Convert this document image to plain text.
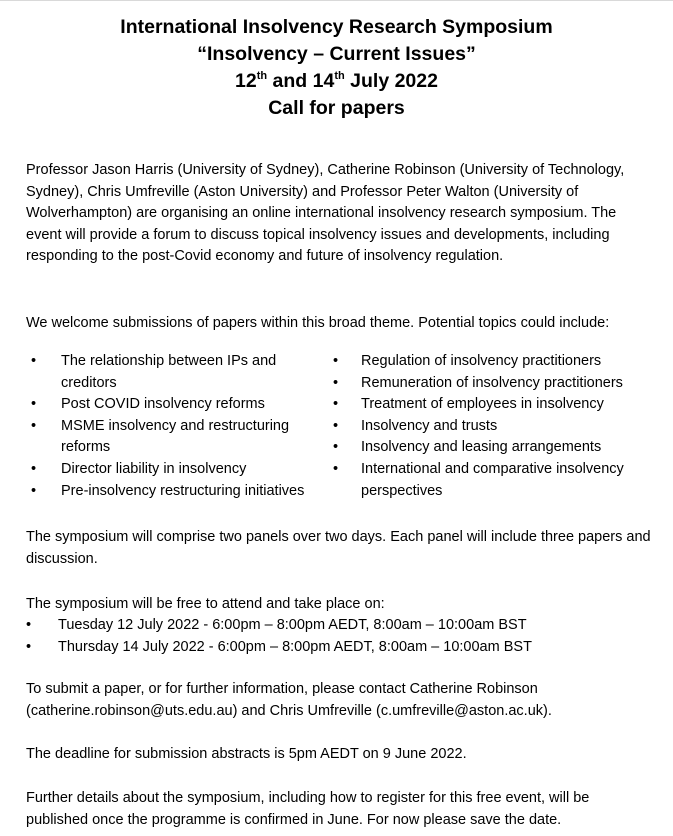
International Insolvency Research Symposium
“Insolvency – Current Issues”
12th and 14th July 2022
Call for papers
Professor Jason Harris (University of Sydney), Catherine Robinson (University of Technology, Sydney), Chris Umfreville (Aston University) and Professor Peter Walton (University of Wolverhampton) are organising an online international insolvency research symposium. The event will provide a forum to discuss topical insolvency issues and developments, including responding to the post-Covid economy and future of insolvency regulation.
We welcome submissions of papers within this broad theme. Potential topics could include:
•	The relationship between IPs and creditors
•	Post COVID insolvency reforms
•	MSME insolvency and restructuring reforms
•	Director liability in insolvency
•	Pre-insolvency restructuring initiatives
•	Regulation of insolvency practitioners
•	Remuneration of insolvency practitioners
•	Treatment of employees in insolvency
•	Insolvency and trusts
•	Insolvency and leasing arrangements
•	International and comparative insolvency perspectives
The symposium will comprise two panels over two days. Each panel will include three papers and discussion.
The symposium will be free to attend and take place on:
•	Tuesday 12 July 2022 - 6:00pm – 8:00pm AEDT, 8:00am – 10:00am BST
•	Thursday 14 July 2022 - 6:00pm – 8:00pm AEDT, 8:00am – 10:00am BST
To submit a paper, or for further information, please contact Catherine Robinson (catherine.robinson@uts.edu.au) and Chris Umfreville (c.umfreville@aston.ac.uk).
The deadline for submission abstracts is 5pm AEDT on 9 June 2022.
Further details about the symposium, including how to register for this free event, will be published once the programme is confirmed in June. For now please save the date.
